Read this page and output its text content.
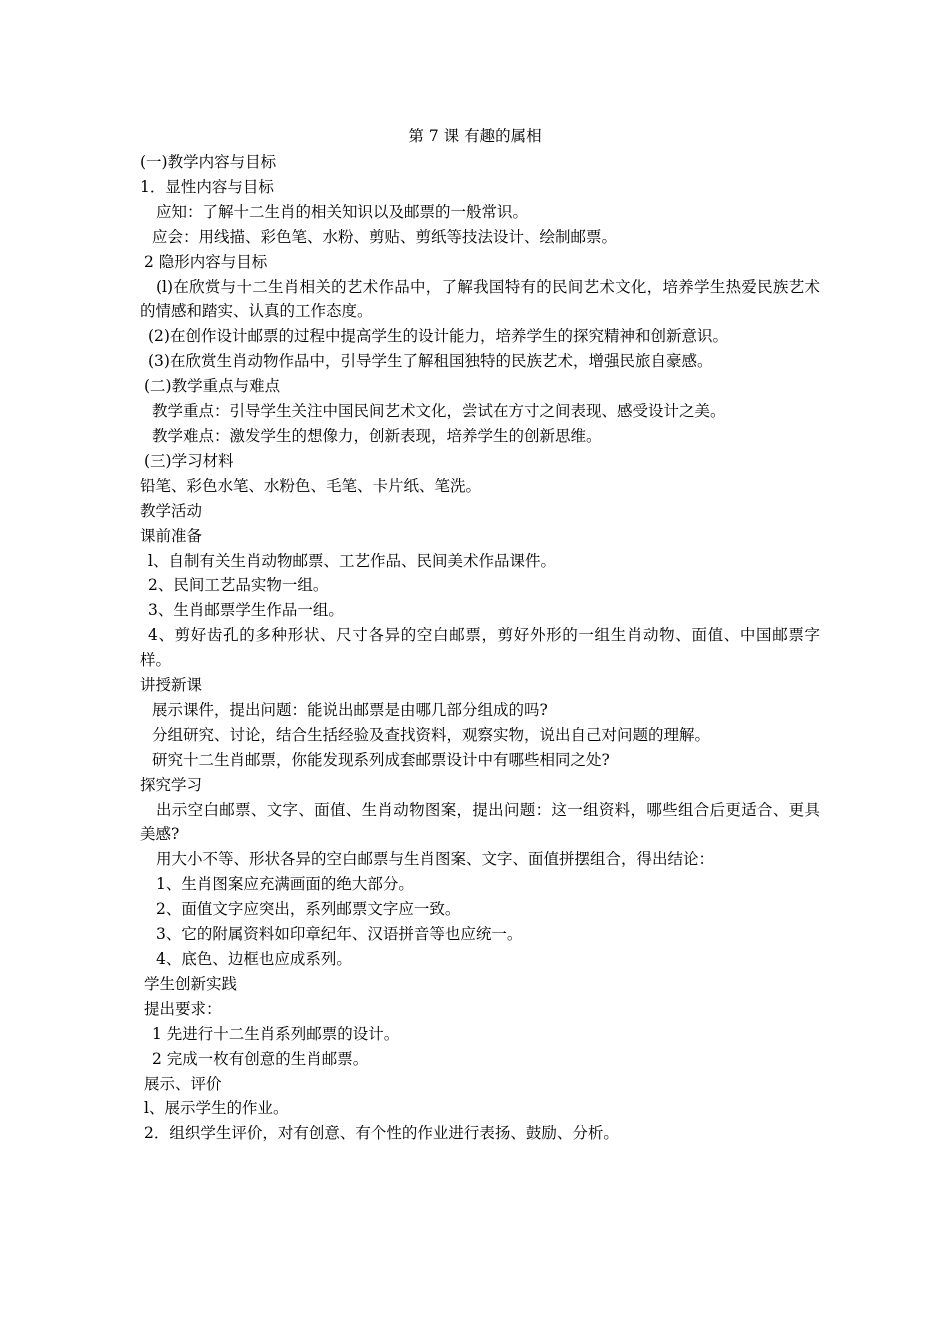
第 7 课 有趣的属相

(一)教学内容与目标

1．显性内容与目标

应知：了解十二生肖的相关知识以及邮票的一般常识。

应会：用线描、彩色笔、水粉、剪贴、剪纸等技法设计、绘制邮票。

2 隐形内容与目标

(l)在欣赏与十二生肖相关的艺术作品中，了解我国特有的民间艺术文化，培养学生热爱民族艺术的情感和踏实、认真的工作态度。

(2)在创作设计邮票的过程中提高学生的设计能力，培养学生的探究精神和创新意识。

(3)在欣赏生肖动物作品中，引导学生了解租国独特的民族艺术，增强民旅自豪感。

(二)教学重点与难点

教学重点：引导学生关注中国民间艺术文化，尝试在方寸之间表现、感受设计之美。

教学难点：激发学生的想像力，创新表现，培养学生的创新思维。

(三)学习材料

铅笔、彩色水笔、水粉色、毛笔、卡片纸、笔洗。

教学活动

课前准备

l、自制有关生肖动物邮票、工艺作品、民间美术作品课件。

2、民间工艺品实物一组。

3、生肖邮票学生作品一组。

4、剪好齿孔的多种形状、尺寸各异的空白邮票，剪好外形的一组生肖动物、面值、中国邮票字样。

讲授新课

展示课件，提出问题：能说出邮票是由哪几部分组成的吗?

分组研究、讨论，结合生括经验及查找资料，观察实物，说出自己对问题的理解。

研究十二生肖邮票，你能发现系列成套邮票设计中有哪些相同之处?

探究学习

出示空白邮票、文字、面值、生肖动物图案，提出问题：这一组资料，哪些组合后更适合、更具美感?

用大小不等、形状各异的空白邮票与生肖图案、文字、面值拼摆组合，得出结论：

1、生肖图案应充满画面的绝大部分。

2、面值文字应突出，系列邮票文字应一致。

3、它的附属资料如印章纪年、汉语拼音等也应统一。

4、底色、边框也应成系列。

学生创新实践

提出要求：

1 先进行十二生肖系列邮票的设计。

2 完成一枚有创意的生肖邮票。

展示、评价

l、展示学生的作业。

2．组织学生评价，对有创意、有个性的作业进行表扬、鼓励、分析。
